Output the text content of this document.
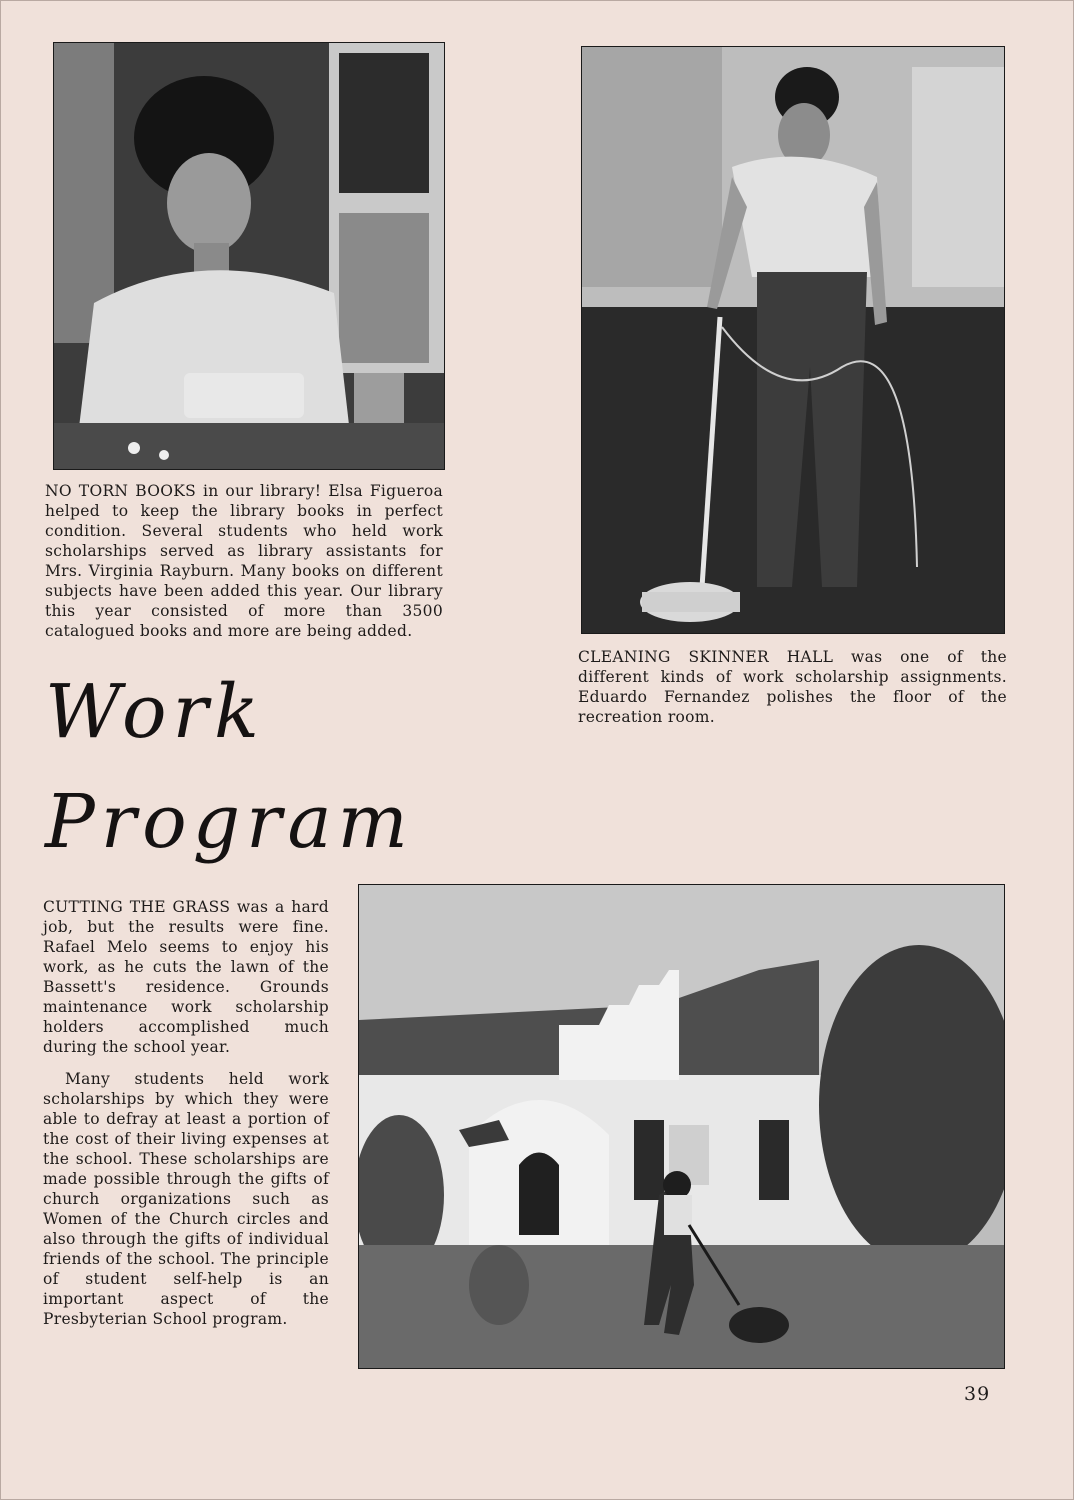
NO TORN BOOKS in our library! Elsa Figueroa helped to keep the library books in perfect condition. Several students who held work scholarships served as library assistants for Mrs. Virginia Rayburn. Many books on different subjects have been added this year. Our library this year consisted of more than 3500 catalogued books and more are being added.

CLEANING SKINNER HALL was one of the different kinds of work scholarship assignments. Eduardo Fernandez polishes the floor of the recreation room.

Work
Program

CUTTING THE GRASS was a hard job, but the results were fine. Rafael Melo seems to enjoy his work, as he cuts the lawn of the Bassett's residence. Grounds maintenance work scholarship holders accomplished much during the school year.

Many students held work scholarships by which they were able to defray at least a portion of the cost of their living expenses at the school. These scholarships are made possible through the gifts of church organizations such as Women of the Church circles and also through the gifts of individual friends of the school. The principle of student self-help is an important aspect of the Presbyterian School program.

39
